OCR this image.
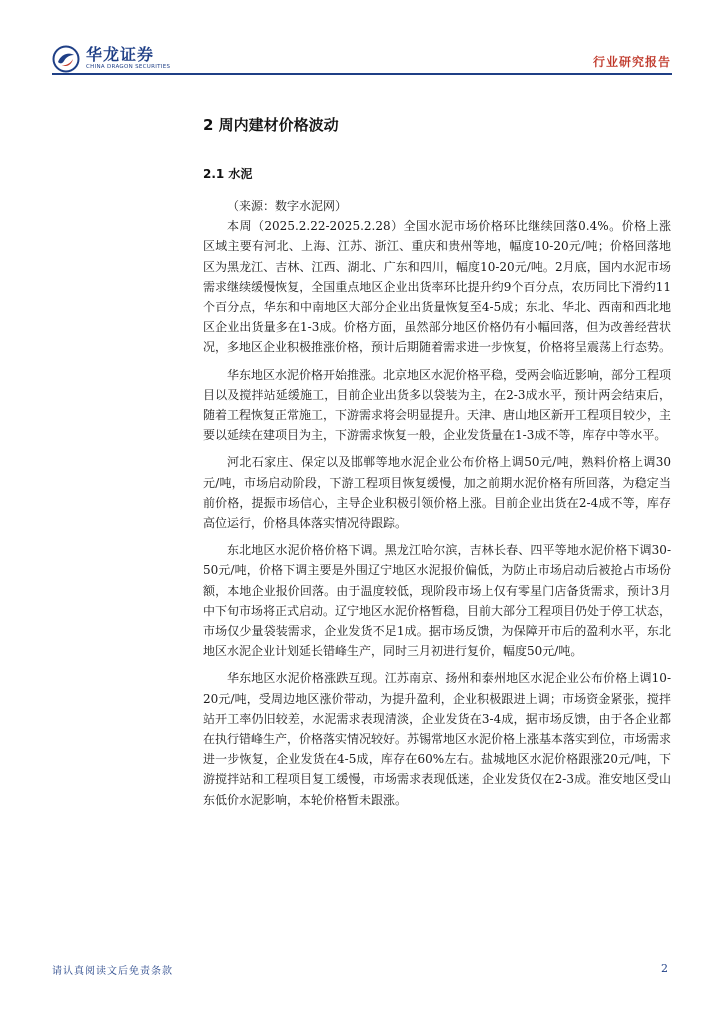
华龙证券
CHINA DRAGON SECURITIES	行业研究报告
2 周内建材价格波动
2.1 水泥

（来源：数字水泥网）

本周（2025.2.22-2025.2.28）全国水泥市场价格环比继续回落0.4%。价格上涨区域主要有河北、上海、江苏、浙江、重庆和贵州等地，幅度10-20元/吨；价格回落地区为黑龙江、吉林、江西、湖北、广东和四川，幅度10-20元/吨。2月底，国内水泥市场需求继续缓慢恢复，全国重点地区企业出货率环比提升约9个百分点，农历同比下滑约11个百分点，华东和中南地区大部分企业出货量恢复至4-5成；东北、华北、西南和西北地区企业出货量多在1-3成。价格方面，虽然部分地区价格仍有小幅回落，但为改善经营状况，多地区企业积极推涨价格，预计后期随着需求进一步恢复，价格将呈震荡上行态势。

华东地区水泥价格开始推涨。北京地区水泥价格平稳，受两会临近影响，部分工程项目以及搅拌站延缓施工，目前企业出货多以袋装为主，在2-3成水平，预计两会结束后，随着工程恢复正常施工，下游需求将会明显提升。天津、唐山地区新开工程项目较少，主要以延续在建项目为主，下游需求恢复一般，企业发货量在1-3成不等，库存中等水平。

河北石家庄、保定以及邯郸等地水泥企业公布价格上调50元/吨，熟料价格上调30元/吨，市场启动阶段，下游工程项目恢复缓慢，加之前期水泥价格有所回落，为稳定当前价格，提振市场信心，主导企业积极引领价格上涨。目前企业出货在2-4成不等，库存高位运行，价格具体落实情况待跟踪。

东北地区水泥价格价格下调。黑龙江哈尔滨，吉林长春、四平等地水泥价格下调30-50元/吨，价格下调主要是外围辽宁地区水泥报价偏低，为防止市场启动后被抢占市场份额，本地企业报价回落。由于温度较低，现阶段市场上仅有零星门店备货需求，预计3月中下旬市场将正式启动。辽宁地区水泥价格暂稳，目前大部分工程项目仍处于停工状态，市场仅少量袋装需求，企业发货不足1成。据市场反馈，为保障开市后的盈利水平，东北地区水泥企业计划延长错峰生产，同时三月初进行复价，幅度50元/吨。

华东地区水泥价格涨跌互现。江苏南京、扬州和泰州地区水泥企业公布价格上调10-20元/吨，受周边地区涨价带动，为提升盈利，企业积极跟进上调；市场资金紧张，搅拌站开工率仍旧较差，水泥需求表现清淡，企业发货在3-4成，据市场反馈，由于各企业都在执行错峰生产，价格落实情况较好。苏锡常地区水泥价格上涨基本落实到位，市场需求进一步恢复，企业发货在4-5成，库存在60%左右。盐城地区水泥价格跟涨20元/吨，下游搅拌站和工程项目复工缓慢，市场需求表现低迷，企业发货仅在2-3成。淮安地区受山东低价水泥影响，本轮价格暂未跟涨。

请认真阅读文后免责条款	2
